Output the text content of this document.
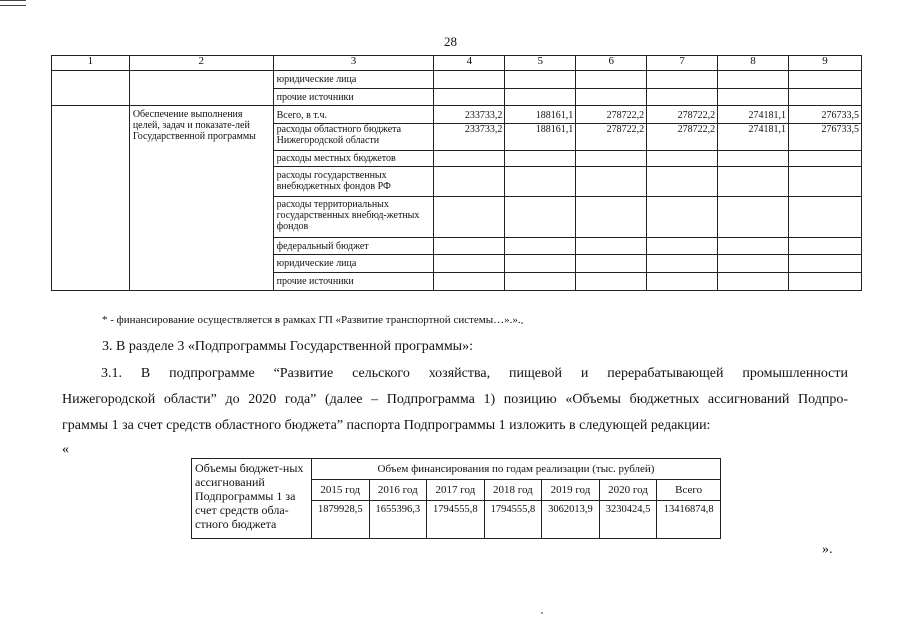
28
1	2	3	4	5	6	7	8	9
		юридические лица						
		прочие источники						
	Обеспечение выполнения целей, задач и показате-лей Государственной программы	Всего, в т.ч.	233733,2	188161,1	278722,2	278722,2	274181,1	276733,5
		расходы областного бюджета Нижегородской области	233733,2	188161,1	278722,2	278722,2	274181,1	276733,5
		расходы местных бюджетов						
		расходы государственных внебюджетных фондов РФ						
		расходы территориальных государственных внебюд-жетных фондов						
		федеральный бюджет						
		юридические лица						
		прочие источники						
* - финансирование осуществляется в рамках ГП «Развитие транспортной системы…».».
3. В разделе 3 «Подпрограммы Государственной программы»:
3.1. В подпрограмме “Развитие сельского хозяйства, пищевой и перерабатывающей промышленности
Нижегородской области” до 2020 года” (далее – Подпрограмма 1) позицию «Объемы бюджетных ассигнований Подпро-
граммы 1 за счет средств областного бюджета” паспорта Подпрограммы 1 изложить в следующей редакции:
«
Объемы бюджет-ных ассигнований Подпрограммы 1 за счет средств обла-стного бюджета	Объем финансирования по годам реализации (тыс. рублей)						
	2015 год	2016 год	2017 год	2018 год	2019 год	2020 год	Всего
	1879928,5	1655396,3	1794555,8	1794555,8	3062013,9	3230424,5	13416874,8
».
